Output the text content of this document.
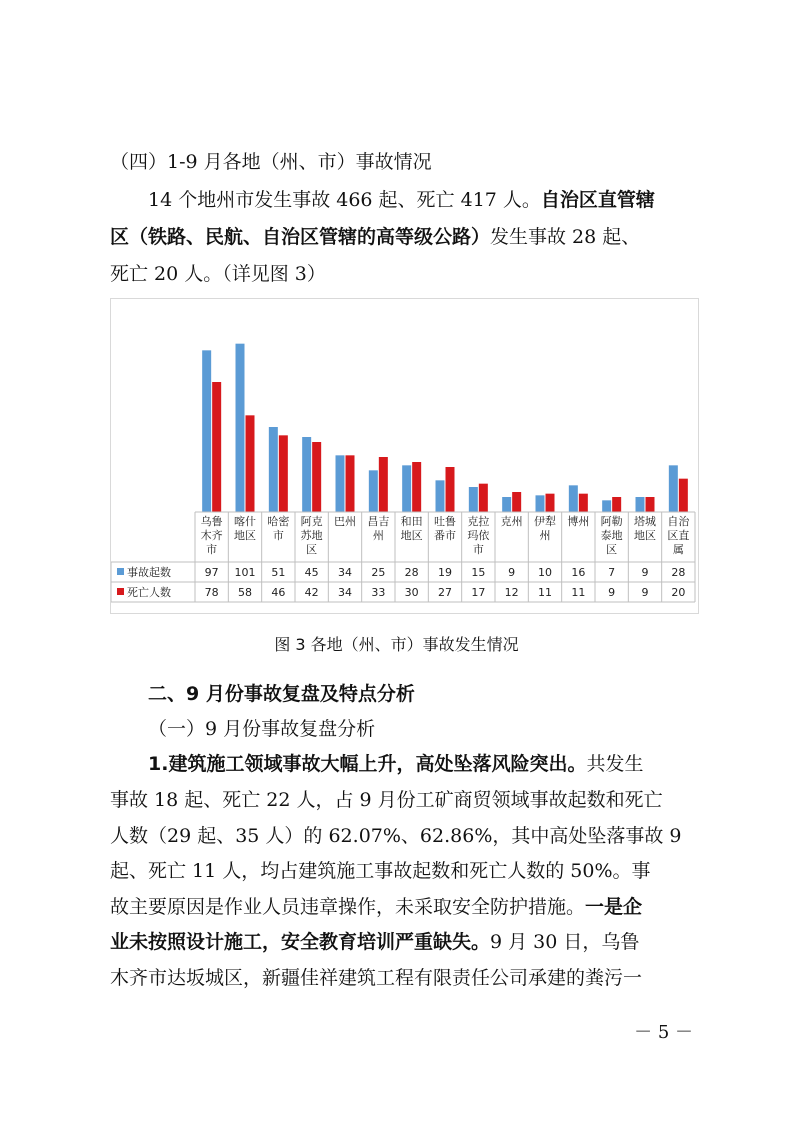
（四）1-9 月各地（州、市）事故情况

14 个地州市发生事故 466 起、死亡 417 人。自治区直管辖

区（铁路、民航、自治区管辖的高等级公路）发生事故 28 起、

死亡 20 人。（详见图 3）

乌鲁
木齐
市
喀什
地区
哈密
市
阿克
苏地
区
巴州 昌吉
州
和田
地区
吐鲁
番市
克拉
玛依
市
克州 伊犁
州
博州 阿勒
泰地
区
塔城
地区
自治
区直
属
事故起数	97 101 51 45 34 25 28 19 15 9 10 16 7 9 28
死亡人数	78 58 46 42 34 33 30 27 17 12 11 11 9 9 20
图 3 各地（州、市）事故发生情况

二、9 月份事故复盘及特点分析

（一）9 月份事故复盘分析

1.建筑施工领域事故大幅上升，高处坠落风险突出。共发生

事故 18 起、死亡 22 人，占 9 月份工矿商贸领域事故起数和死亡

人数（29 起、35 人）的 62.07%、62.86%，其中高处坠落事故 9

起、死亡 11 人，均占建筑施工事故起数和死亡人数的 50%。事

故主要原因是作业人员违章操作，未采取安全防护措施。一是企

业未按照设计施工，安全教育培训严重缺失。9 月 30 日，乌鲁

木齐市达坂城区，新疆佳祥建筑工程有限责任公司承建的粪污一

－ 5 －
